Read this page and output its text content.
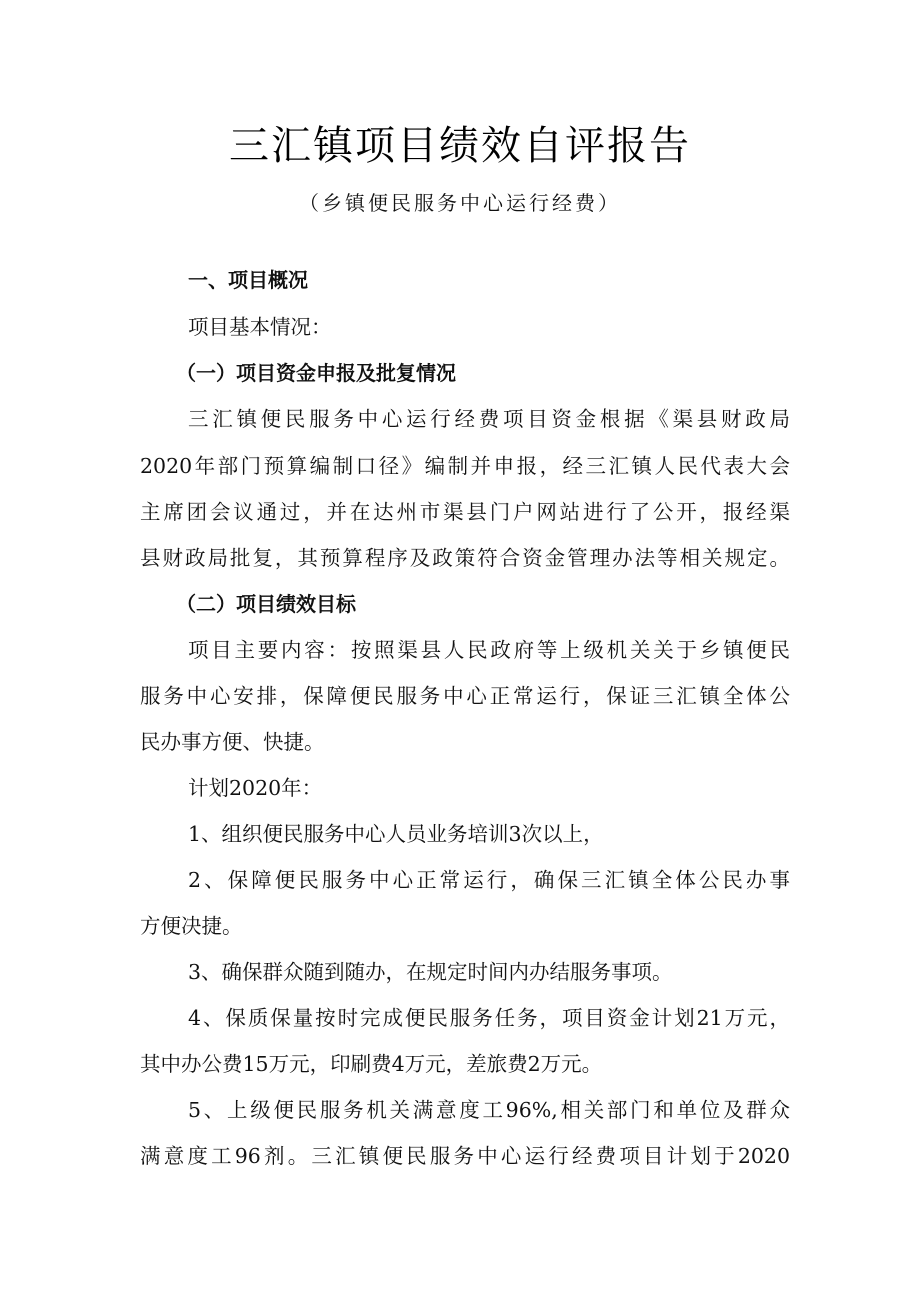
三汇镇项目绩效自评报告
（乡镇便民服务中心运行经费）
一、项目概况
项目基本情况：
（一）项目资金申报及批复情况
三汇镇便民服务中心运行经费项目资金根据《渠县财政局
2020年部门预算编制口径》编制并申报，经三汇镇人民代表大会
主席团会议通过，并在达州市渠县门户网站进行了公开，报经渠
县财政局批复，其预算程序及政策符合资金管理办法等相关规定。
（二）项目绩效目标
项目主要内容：按照渠县人民政府等上级机关关于乡镇便民
服务中心安排，保障便民服务中心正常运行，保证三汇镇全体公
民办事方便、快捷。
计划2020年：
1、组织便民服务中心人员业务培训3次以上，
2、保障便民服务中心正常运行，确保三汇镇全体公民办事
方便决捷。
3、确保群众随到随办，在规定时间内办结服务事项。
4、保质保量按时完成便民服务任务，项目资金计划21万元，
其中办公费15万元，印刷费4万元，差旅费2万元。
5、上级便民服务机关满意度工96%,相关部门和单位及群众
满意度工96剂。三汇镇便民服务中心运行经费项目计划于2020
